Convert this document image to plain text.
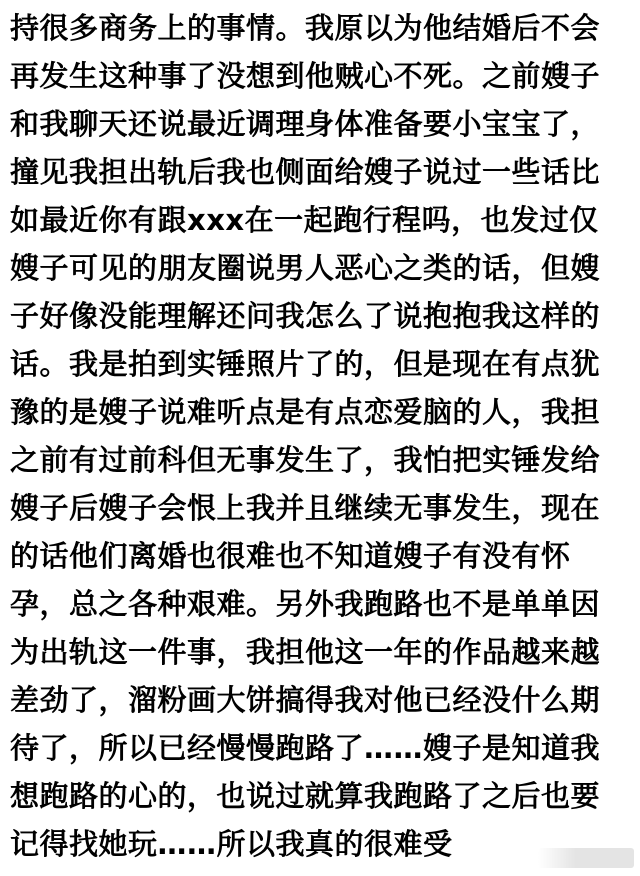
持很多商务上的事情。我原以为他结婚后不会
再发生这种事了没想到他贼心不死。之前嫂子
和我聊天还说最近调理身体准备要小宝宝了，
撞见我担出轨后我也侧面给嫂子说过一些话比
如最近你有跟xxx在一起跑行程吗，也发过仅
嫂子可见的朋友圈说男人恶心之类的话，但嫂
子好像没能理解还问我怎么了说抱抱我这样的
话。我是拍到实锤照片了的，但是现在有点犹
豫的是嫂子说难听点是有点恋爱脑的人，我担
之前有过前科但无事发生了，我怕把实锤发给
嫂子后嫂子会恨上我并且继续无事发生，现在
的话他们离婚也很难也不知道嫂子有没有怀
孕，总之各种艰难。另外我跑路也不是单单因
为出轨这一件事，我担他这一年的作品越来越
差劲了，溜粉画大饼搞得我对他已经没什么期
待了，所以已经慢慢跑路了……嫂子是知道我
想跑路的心的，也说过就算我跑路了之后也要
记得找她玩……所以我真的很难受
